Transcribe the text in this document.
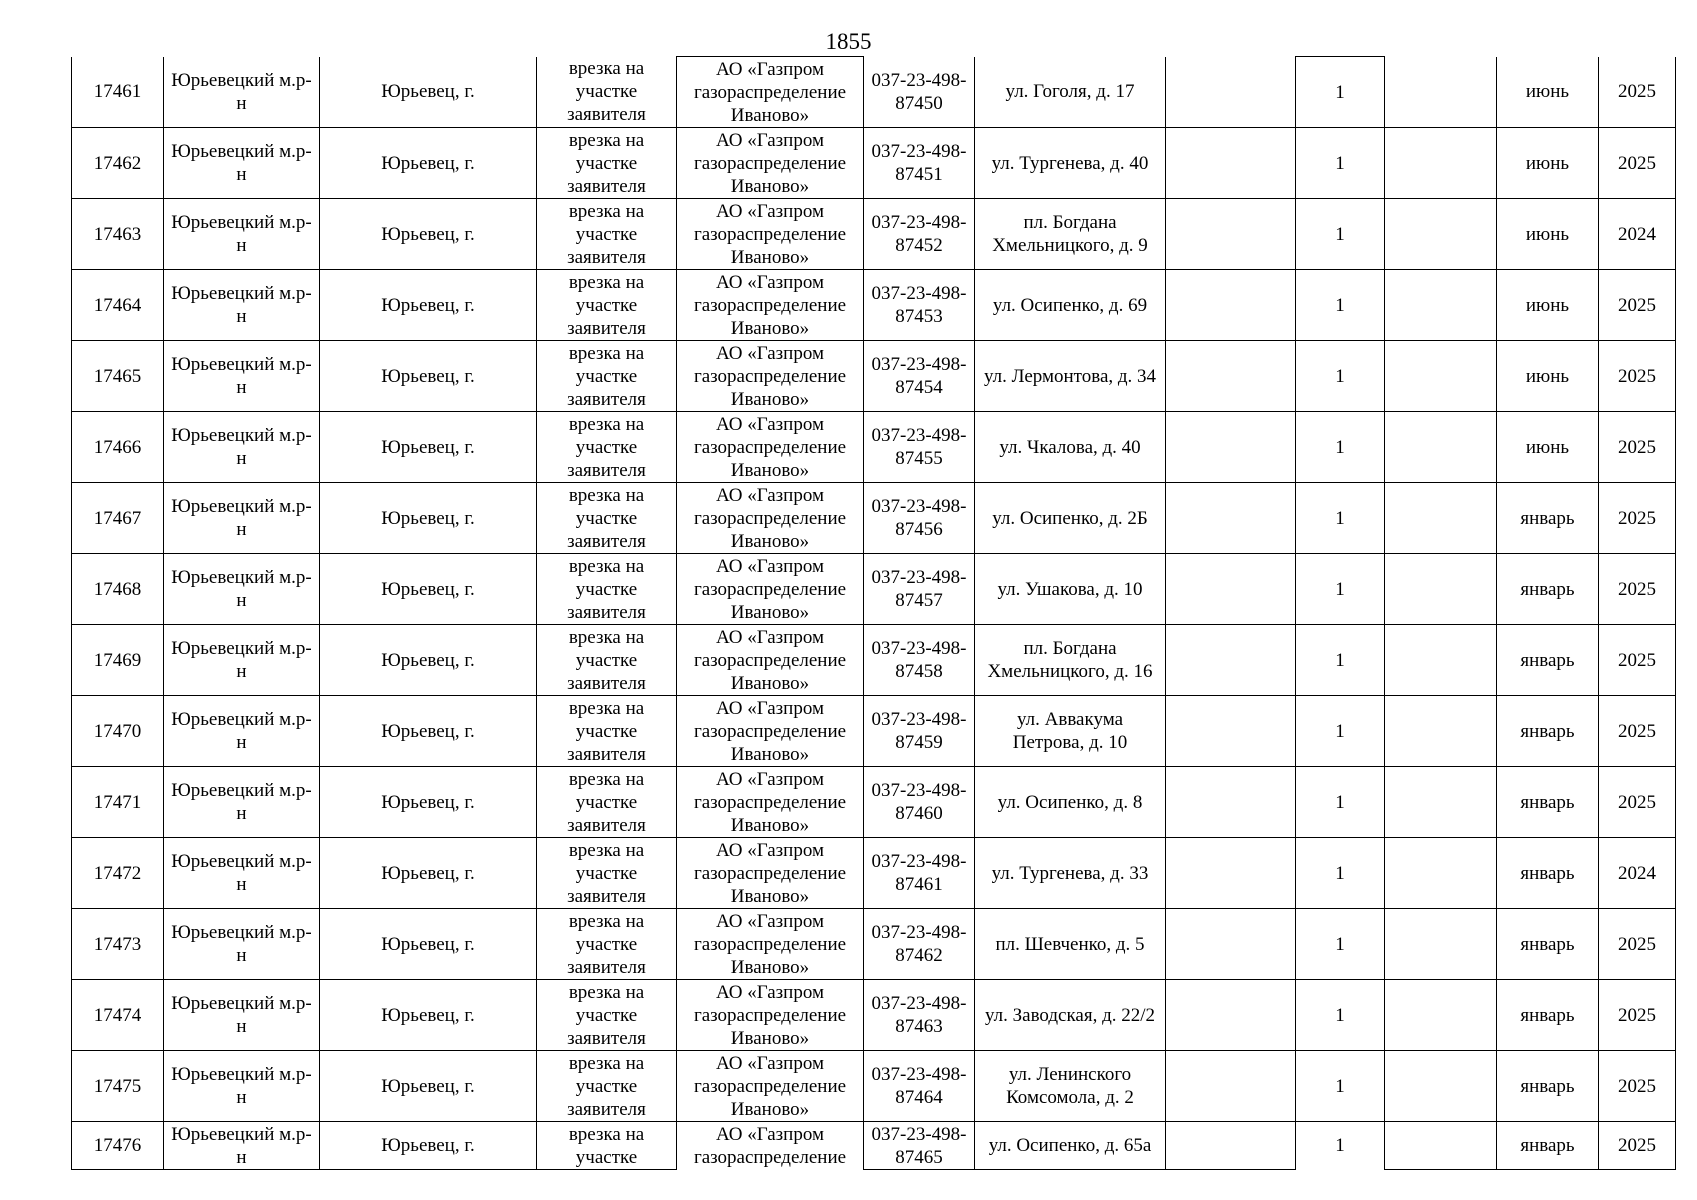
1855
17461	Юрьевецкий м.р-н	Юрьевец, г.	врезка на участке заявителя	АО «Газпром газораспределение Иваново»	037-23-498-87450	ул. Гоголя, д. 17		1		июнь	2025
17462	Юрьевецкий м.р-н	Юрьевец, г.	врезка на участке заявителя	АО «Газпром газораспределение Иваново»	037-23-498-87451	ул. Тургенева, д. 40		1		июнь	2025
17463	Юрьевецкий м.р-н	Юрьевец, г.	врезка на участке заявителя	АО «Газпром газораспределение Иваново»	037-23-498-87452	пл. Богдана Хмельницкого, д. 9		1		июнь	2024
17464	Юрьевецкий м.р-н	Юрьевец, г.	врезка на участке заявителя	АО «Газпром газораспределение Иваново»	037-23-498-87453	ул. Осипенко, д. 69		1		июнь	2025
17465	Юрьевецкий м.р-н	Юрьевец, г.	врезка на участке заявителя	АО «Газпром газораспределение Иваново»	037-23-498-87454	ул. Лермонтова, д. 34		1		июнь	2025
17466	Юрьевецкий м.р-н	Юрьевец, г.	врезка на участке заявителя	АО «Газпром газораспределение Иваново»	037-23-498-87455	ул. Чкалова, д. 40		1		июнь	2025
17467	Юрьевецкий м.р-н	Юрьевец, г.	врезка на участке заявителя	АО «Газпром газораспределение Иваново»	037-23-498-87456	ул. Осипенко, д. 2Б		1		январь	2025
17468	Юрьевецкий м.р-н	Юрьевец, г.	врезка на участке заявителя	АО «Газпром газораспределение Иваново»	037-23-498-87457	ул. Ушакова, д. 10		1		январь	2025
17469	Юрьевецкий м.р-н	Юрьевец, г.	врезка на участке заявителя	АО «Газпром газораспределение Иваново»	037-23-498-87458	пл. Богдана Хмельницкого, д. 16		1		январь	2025
17470	Юрьевецкий м.р-н	Юрьевец, г.	врезка на участке заявителя	АО «Газпром газораспределение Иваново»	037-23-498-87459	ул. Аввакума Петрова, д. 10		1		январь	2025
17471	Юрьевецкий м.р-н	Юрьевец, г.	врезка на участке заявителя	АО «Газпром газораспределение Иваново»	037-23-498-87460	ул. Осипенко, д. 8		1		январь	2025
17472	Юрьевецкий м.р-н	Юрьевец, г.	врезка на участке заявителя	АО «Газпром газораспределение Иваново»	037-23-498-87461	ул. Тургенева, д. 33		1		январь	2024
17473	Юрьевецкий м.р-н	Юрьевец, г.	врезка на участке заявителя	АО «Газпром газораспределение Иваново»	037-23-498-87462	пл. Шевченко, д. 5		1		январь	2025
17474	Юрьевецкий м.р-н	Юрьевец, г.	врезка на участке заявителя	АО «Газпром газораспределение Иваново»	037-23-498-87463	ул. Заводская, д. 22/2		1		январь	2025
17475	Юрьевецкий м.р-н	Юрьевец, г.	врезка на участке заявителя	АО «Газпром газораспределение Иваново»	037-23-498-87464	ул. Ленинского Комсомола, д. 2		1		январь	2025
17476	Юрьевецкий м.р-н	Юрьевец, г.	врезка на участке	АО «Газпром газораспределение	037-23-498-87465	ул. Осипенко, д. 65а		1		январь	2025
